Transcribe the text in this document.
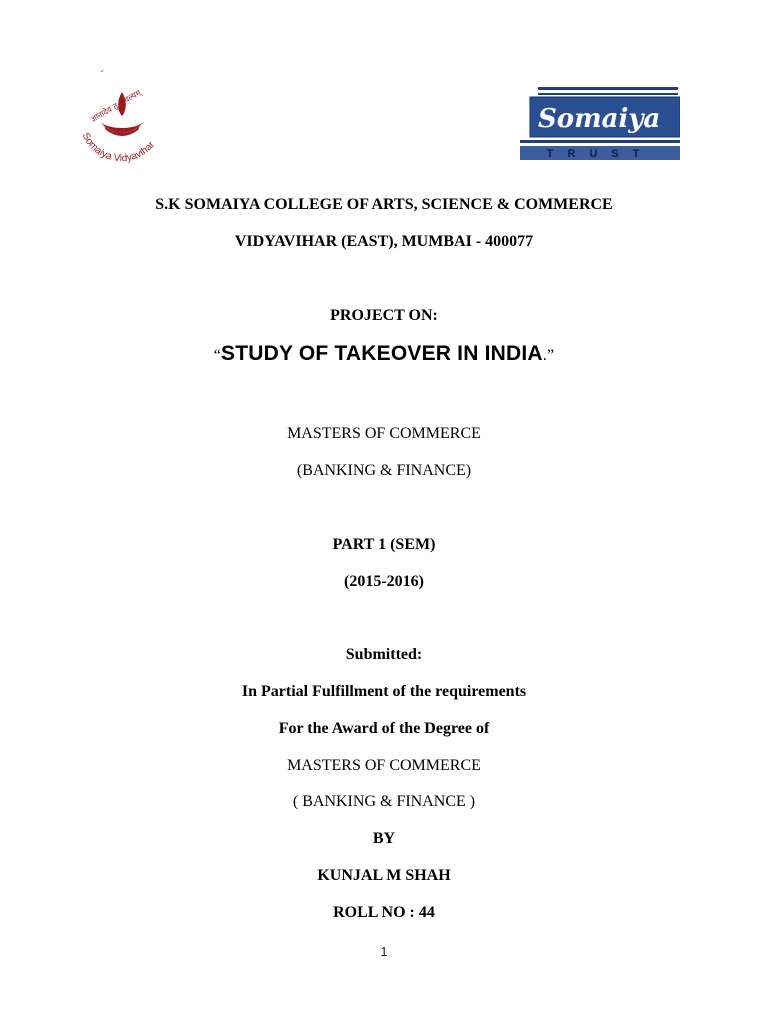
ज्ञानादेव तु कैवल्यम्
Somaiya Vidyavihar
Somaiya
TRUST
S.K SOMAIYA COLLEGE OF ARTS, SCIENCE & COMMERCE
VIDYAVIHAR (EAST), MUMBAI - 400077
PROJECT ON:
“STUDY OF TAKEOVER IN INDIA.”
MASTERS OF COMMERCE
(BANKING & FINANCE)
PART 1 (SEM)
(2015-2016)
Submitted:
In Partial Fulfillment of the requirements
For the Award of the Degree of
MASTERS OF COMMERCE
( BANKING & FINANCE )
BY
KUNJAL M SHAH
ROLL NO : 44
1
